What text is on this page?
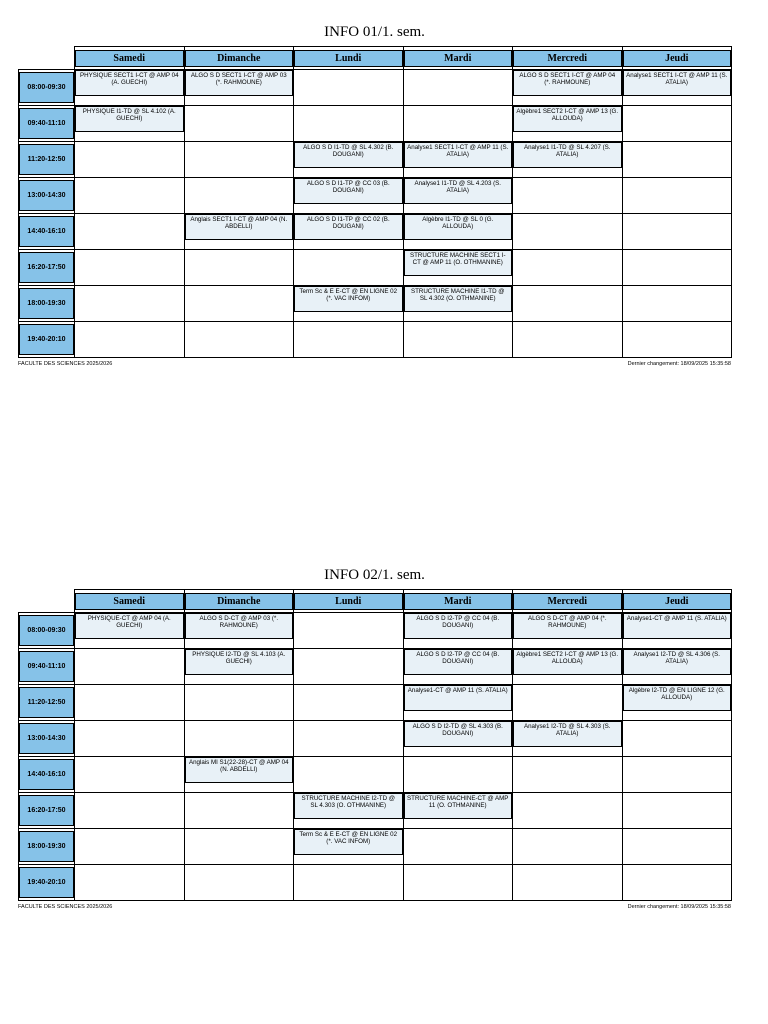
INFO 01/1. sem.

	Samedi	Dimanche	Lundi	Mardi	Mercredi	Jeudi

08:00-09:30	PHYSIQUE SECT1 I-CT @ AMP 04 (A. GUECHI)	ALGO S D SECT1 I-CT @ AMP 03 (*. RAHMOUNE)			ALGO S D SECT1 I-CT @ AMP 04 (*. RAHMOUNE)	Analyse1 SECT1 I-CT @ AMP 11 (S. ATALIA)

09:40-11:10	PHYSIQUE I1-TD @ SL 4.102 (A. GUECHI)				Algèbre1 SECT2 I-CT @ AMP 13 (G. ALLOUDA)	

11:20-12:50			ALGO S D I1-TD @ SL 4.302 (B. DOUGANI)	Analyse1 SECT1 I-CT @ AMP 11 (S. ATALIA)	Analyse1 I1-TD @ SL 4.207 (S. ATALIA)	

13:00-14:30			ALGO S D I1-TP @ CC 03 (B. DOUGANI)	Analyse1 I1-TD @ SL 4.203 (S. ATALIA)		

14:40-16:10		Anglais SECT1 I-CT @ AMP 04 (N. ABDELLI)	ALGO S D I1-TP @ CC 02 (B. DOUGANI)	Algèbre I1-TD @ SL 0 (G. ALLOUDA)		

16:20-17:50				STRUCTURE MACHINE SECT1 I-CT @ AMP 11 (O. OTHMANINE)		

18:00-19:30			Term Sc & E E-CT @ EN LIGNE 02 (*. VAC INFOM)	STRUCTURE MACHINE I1-TD @ SL 4.302 (O. OTHMANINE)		

19:40-20:10						

FACULTE DES SCIENCES 2025/2026	Dernier changement: 18/09/2025 15:35:58
INFO 02/1. sem.

	Samedi	Dimanche	Lundi	Mardi	Mercredi	Jeudi

08:00-09:30	PHYSIQUE-CT @ AMP 04 (A. GUECHI)	ALGO S D-CT @ AMP 03 (*. RAHMOUNE)		ALGO S D I2-TP @ CC 04 (B. DOUGANI)	ALGO S D-CT @ AMP 04 (*. RAHMOUNE)	Analyse1-CT @ AMP 11 (S. ATALIA)

09:40-11:10		PHYSIQUE I2-TD @ SL 4.103 (A. GUECHI)		ALGO S D I2-TP @ CC 04 (B. DOUGANI)	Algèbre1 SECT2 I-CT @ AMP 13 (G. ALLOUDA)	Analyse1 I2-TD @ SL 4.306 (S. ATALIA)

11:20-12:50				Analyse1-CT @ AMP 11 (S. ATALIA)		Algèbre I2-TD @ EN LIGNE 12 (G. ALLOUDA)

13:00-14:30				ALGO S D I2-TD @ SL 4.303 (B. DOUGANI)	Analyse1 I2-TD @ SL 4.303 (S. ATALIA)	

14:40-16:10		Anglais MI S1(22-28)-CT @ AMP 04 (N. ABDELLI)				

16:20-17:50			STRUCTURE MACHINE I2-TD @ SL 4.303 (O. OTHMANINE)	STRUCTURE MACHINE-CT @ AMP 11 (O. OTHMANINE)		

18:00-19:30			Term Sc & E E-CT @ EN LIGNE 02 (*. VAC INFOM)			

19:40-20:10						

FACULTE DES SCIENCES 2025/2026	Dernier changement: 18/09/2025 15:35:58
